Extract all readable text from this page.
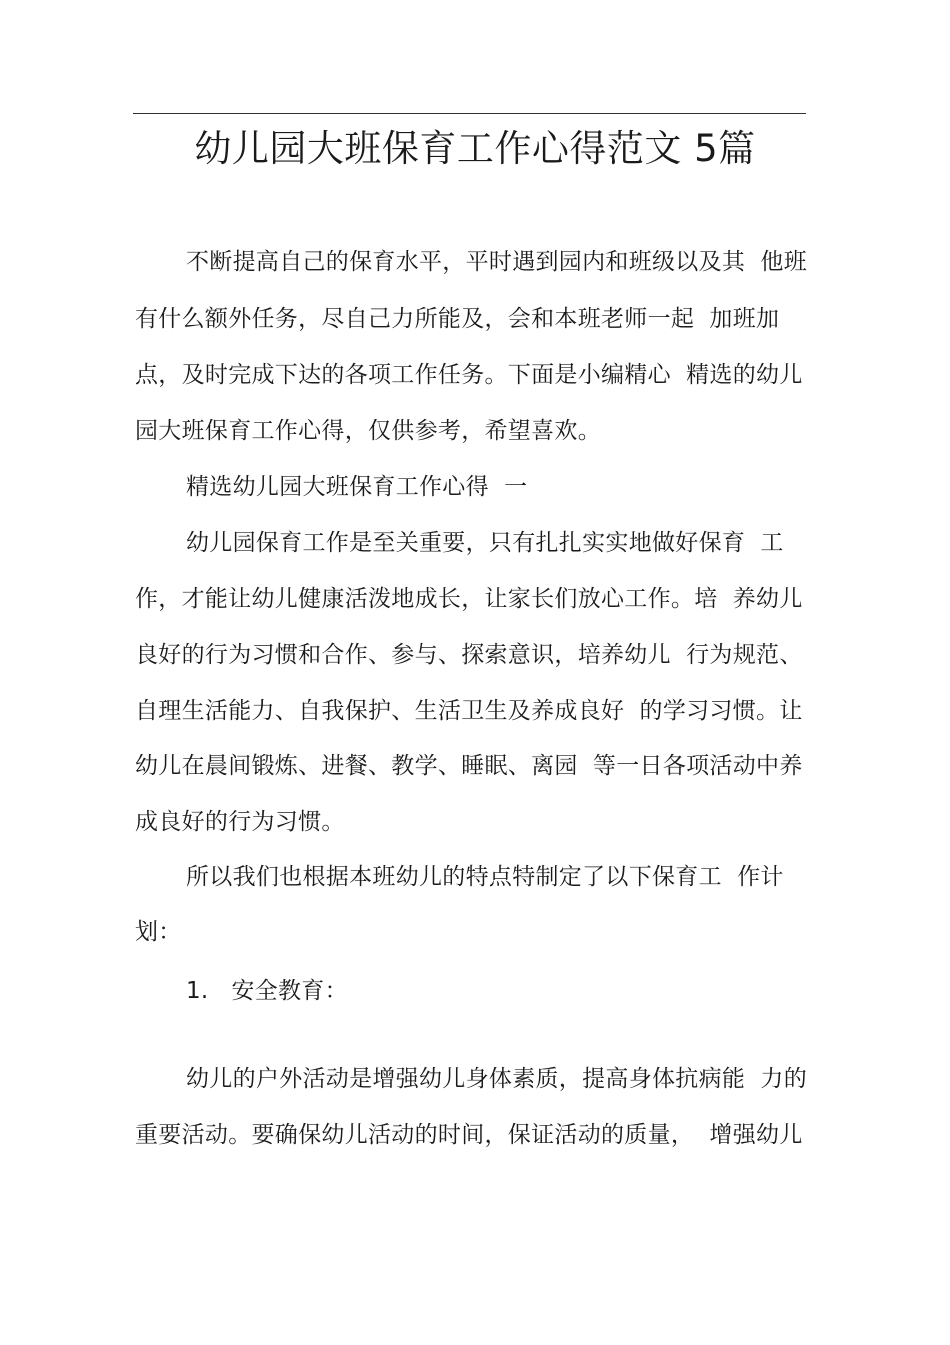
幼儿园大班保育工作心得范文 5篇
不断提高自己的保育水平，平时遇到园内和班级以及其  他班
有什么额外任务，尽自己力所能及，会和本班老师一起  加班加
点，及时完成下达的各项工作任务。下面是小编精心  精选的幼儿
园大班保育工作心得，仅供参考，希望喜欢。
精选幼儿园大班保育工作心得  一
幼儿园保育工作是至关重要，只有扎扎实实地做好保育  工
作，才能让幼儿健康活泼地成长，让家长们放心工作。培  养幼儿
良好的行为习惯和合作、参与、探索意识，培养幼儿  行为规范、
自理生活能力、自我保护、生活卫生及养成良好  的学习习惯。让
幼儿在晨间锻炼、进餐、教学、睡眠、离园  等一日各项活动中养
成良好的行为习惯。
所以我们也根据本班幼儿的特点特制定了以下保育工  作计
划：
1.   安全教育：
幼儿的户外活动是增强幼儿身体素质，提高身体抗病能  力的
重要活动。要确保幼儿活动的时间，保证活动的质量，  增强幼儿
